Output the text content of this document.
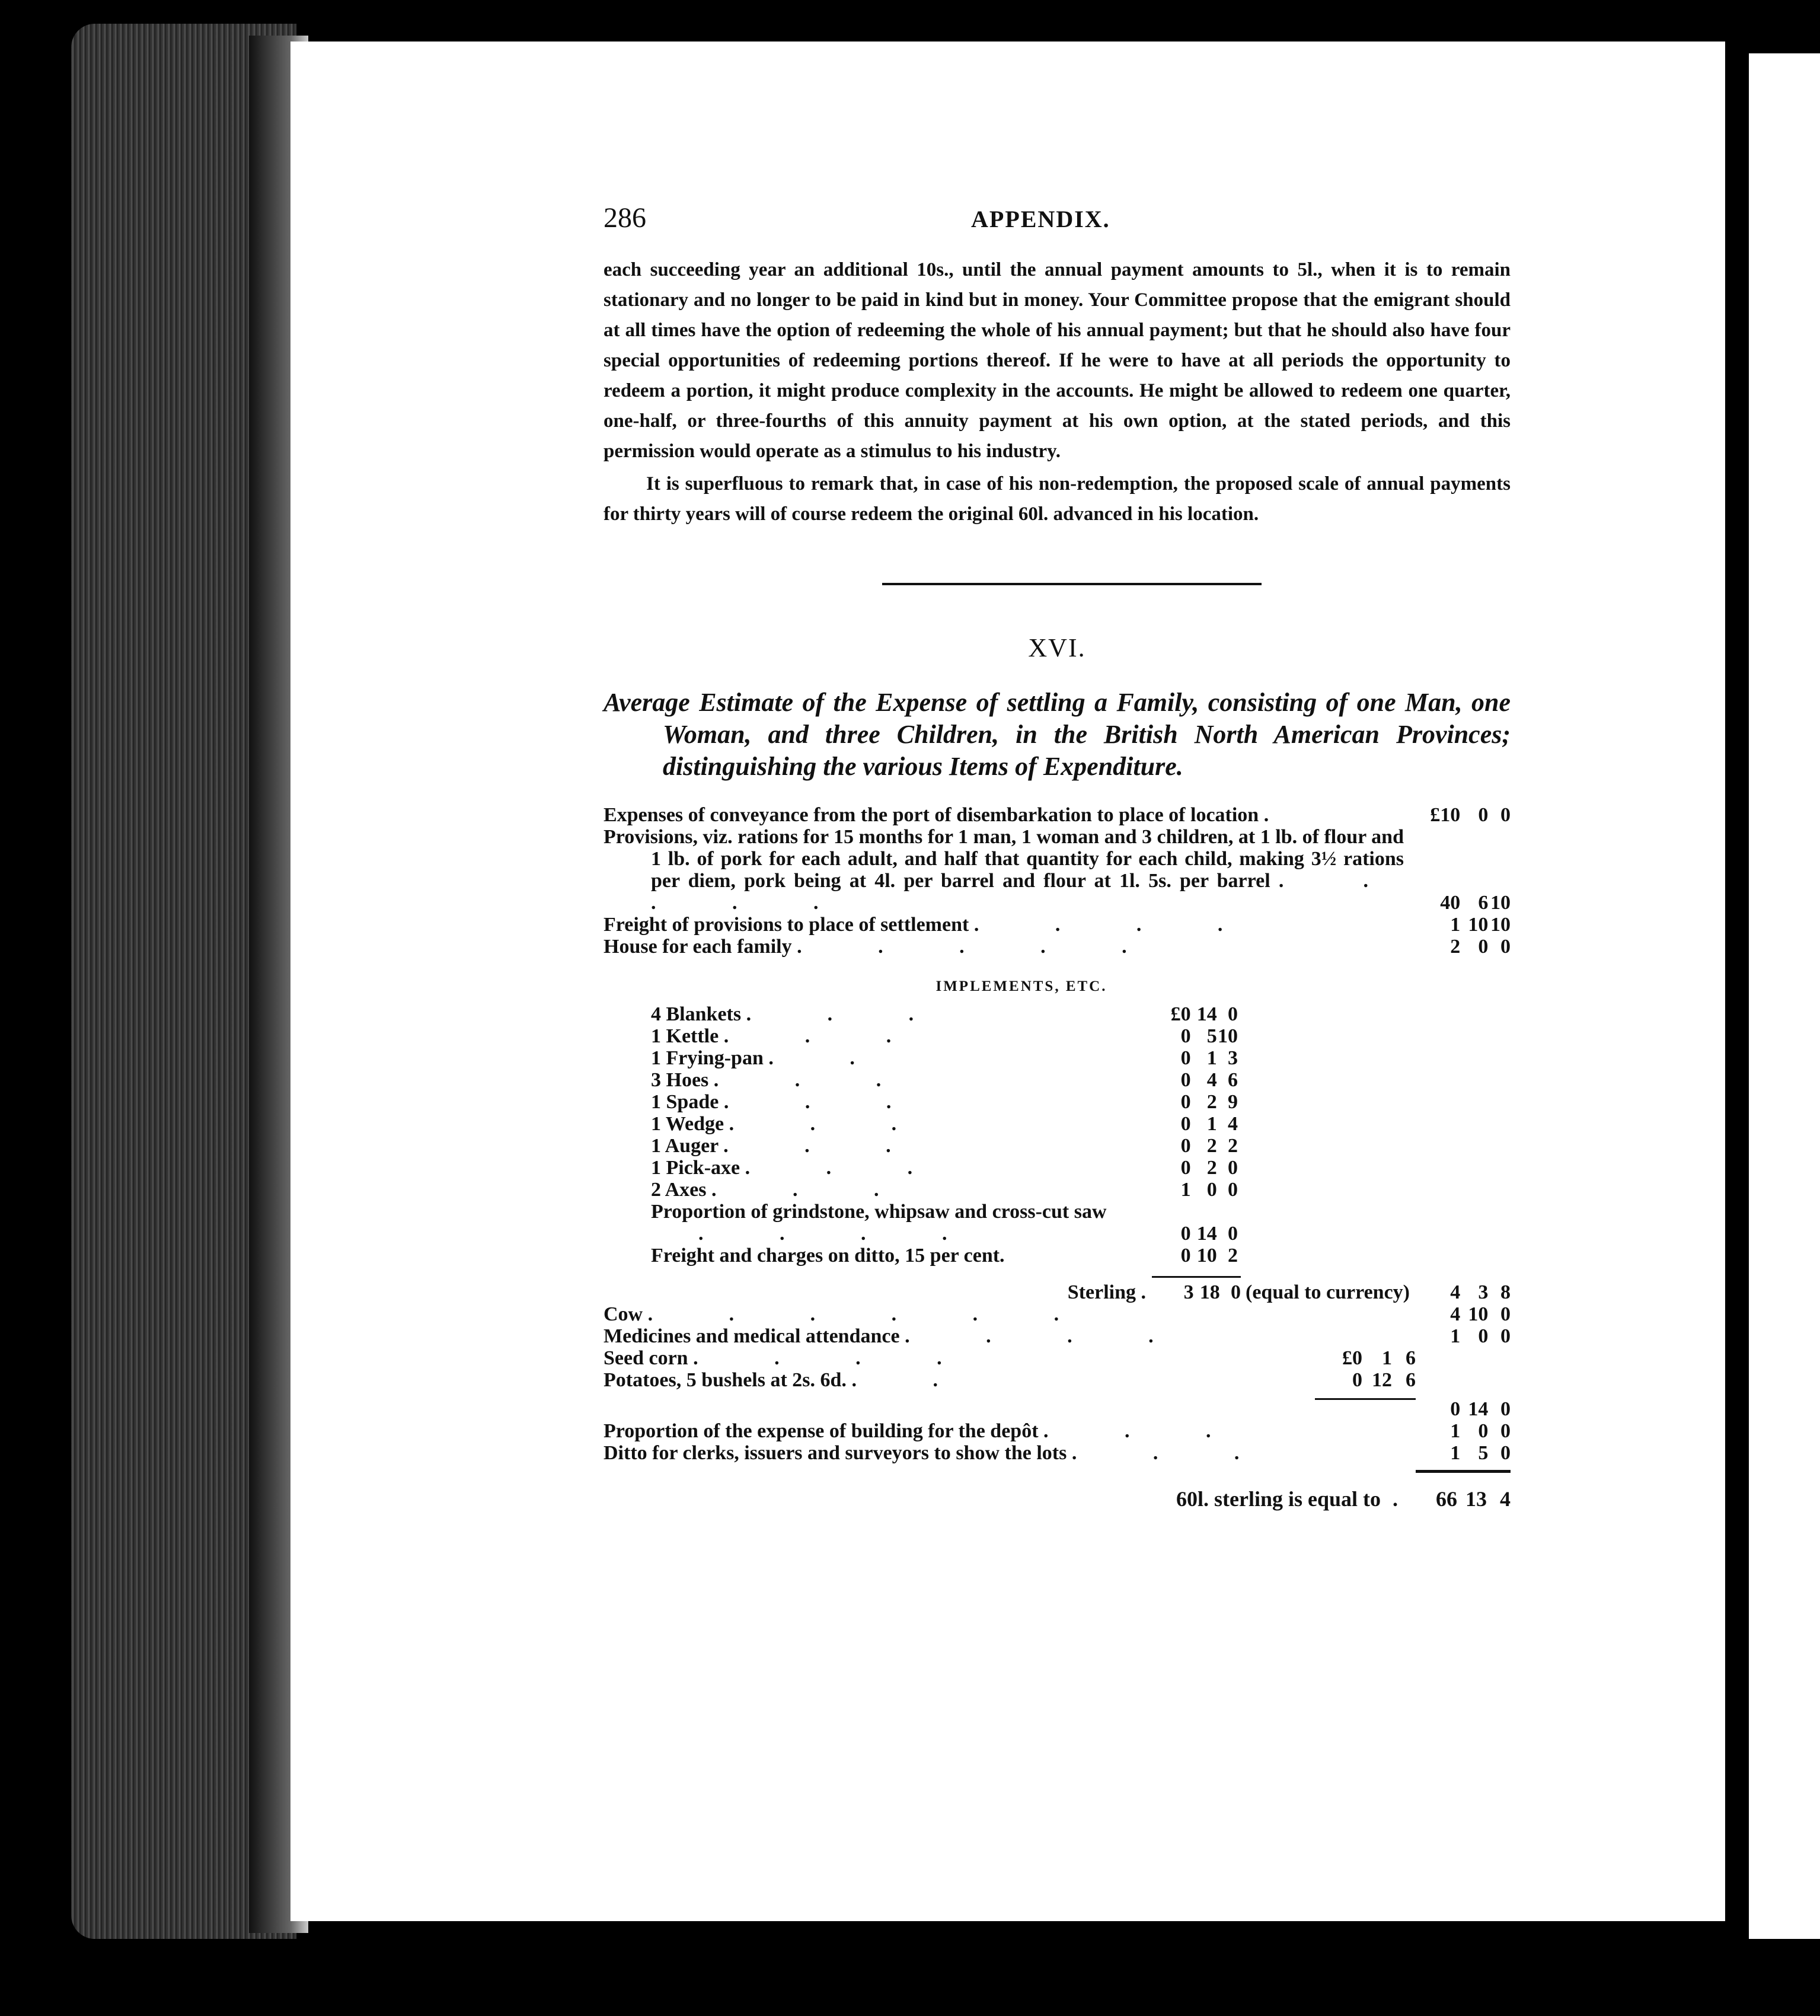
286	APPENDIX.

each succeeding year an additional 10s., until the annual payment amounts to 5l., when it is to remain stationary and no longer to be paid in kind but in money. Your Committee propose that the emigrant should at all times have the option of redeeming the whole of his annual payment; but that he should also have four special opportunities of redeeming portions thereof. If he were to have at all periods the opportunity to redeem a portion, it might produce complexity in the accounts. He might be allowed to redeem one quarter, one-half, or three-fourths of this annuity payment at his own option, at the stated periods, and this permission would operate as a stimulus to his industry.

It is superfluous to remark that, in case of his non-redemption, the proposed scale of annual payments for thirty years will of course redeem the original 60l. advanced in his location.

XVI.
Average Estimate of the Expense of settling a Family, consisting of one Man, one Woman, and three Children, in the British North American Provinces; distinguishing the various Items of Expenditure.
Expenses of conveyance from the port of disembarkation to place of location .	£10 0 0
Provisions, viz. rations for 15 months for 1 man, 1 woman and 3 children, at 1 lb. of flour and 1 lb. of pork for each adult, and half that quantity for each child, making 3½ rations per diem, pork being at 4l. per barrel and flour at 1l. 5s. per barrel . . . . .	40 6 10
Freight of provisions to place of settlement . . . .	1 10 10
House for each family . . . . .	2 0 0
IMPLEMENTS, ETC.
4 Blankets . . .	£0 14 0
1 Kettle . . .	0 5 10
1 Frying-pan . .	0 1 3
3 Hoes . . .	0 4 6
1 Spade . . .	0 2 9
1 Wedge . . .	0 1 4
1 Auger . . .	0 2 2
1 Pick-axe . . .	0 2 0
2 Axes . . .	1 0 0
Proportion of grindstone, whipsaw and cross-cut saw . . . .	0 14 0
Freight and charges on ditto, 15 per cent.	0 10 2
Sterling .	3 18 0 (equal to currency)	4 3 8
Cow . . . . . .	4 10 0
Medicines and medical attendance . . . .	1 0 0
Seed corn . . . .	£0 1 6
Potatoes, 5 bushels at 2s. 6d. . .	0 12 6
0 14 0
Proportion of the expense of building for the depôt . . .	1 0 0
Ditto for clerks, issuers and surveyors to show the lots . . .	1 5 0
60l. sterling is equal to .	66 13 4
